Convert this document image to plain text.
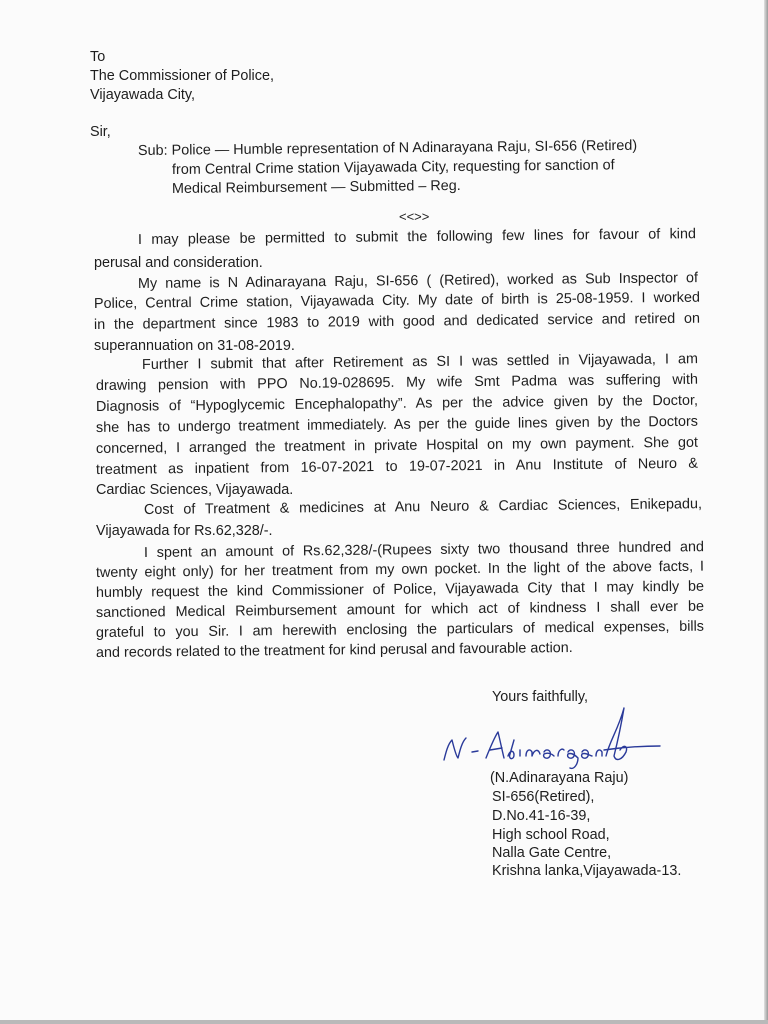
To
The Commissioner of Police,
Vijayawada City,
Sir,
Sub: Police — Humble representation of N Adinarayana Raju, SI-656 (Retired)
from Central Crime station Vijayawada City, requesting for sanction of
Medical Reimbursement — Submitted – Reg.
<<>>
I may please be permitted to submit the following few lines for favour of kind
perusal and consideration.
My name is N Adinarayana Raju, SI-656 ( (Retired), worked as Sub Inspector of
Police, Central Crime station, Vijayawada City. My date of birth is 25-08-1959. I worked
in the department since 1983 to 2019 with good and dedicated service and retired on
superannuation on 31-08-2019.
Further I submit that after Retirement as SI I was settled in Vijayawada, I am
drawing pension with PPO No.19-028695. My wife Smt Padma was suffering with
Diagnosis of “Hypoglycemic Encephalopathy”. As per the advice given by the Doctor,
she has to undergo treatment immediately. As per the guide lines given by the Doctors
concerned, I arranged the treatment in private Hospital on my own payment. She got
treatment as inpatient from 16-07-2021 to 19-07-2021 in Anu Institute of Neuro &
Cardiac Sciences, Vijayawada.
Cost of Treatment & medicines at Anu Neuro & Cardiac Sciences, Enikepadu,
Vijayawada for Rs.62,328/-.
I spent an amount of Rs.62,328/-(Rupees sixty two thousand three hundred and
twenty eight only) for her treatment from my own pocket. In the light of the above facts, I
humbly request the kind Commissioner of Police, Vijayawada City that I may kindly be
sanctioned Medical Reimbursement amount for which act of kindness I shall ever be
grateful to you Sir. I am herewith enclosing the particulars of medical expenses, bills
and records related to the treatment for kind perusal and favourable action.
Yours faithfully,
(N.Adinarayana Raju)
SI-656(Retired),
D.No.41-16-39,
High school Road,
Nalla Gate Centre,
Krishna lanka,Vijayawada-13.
